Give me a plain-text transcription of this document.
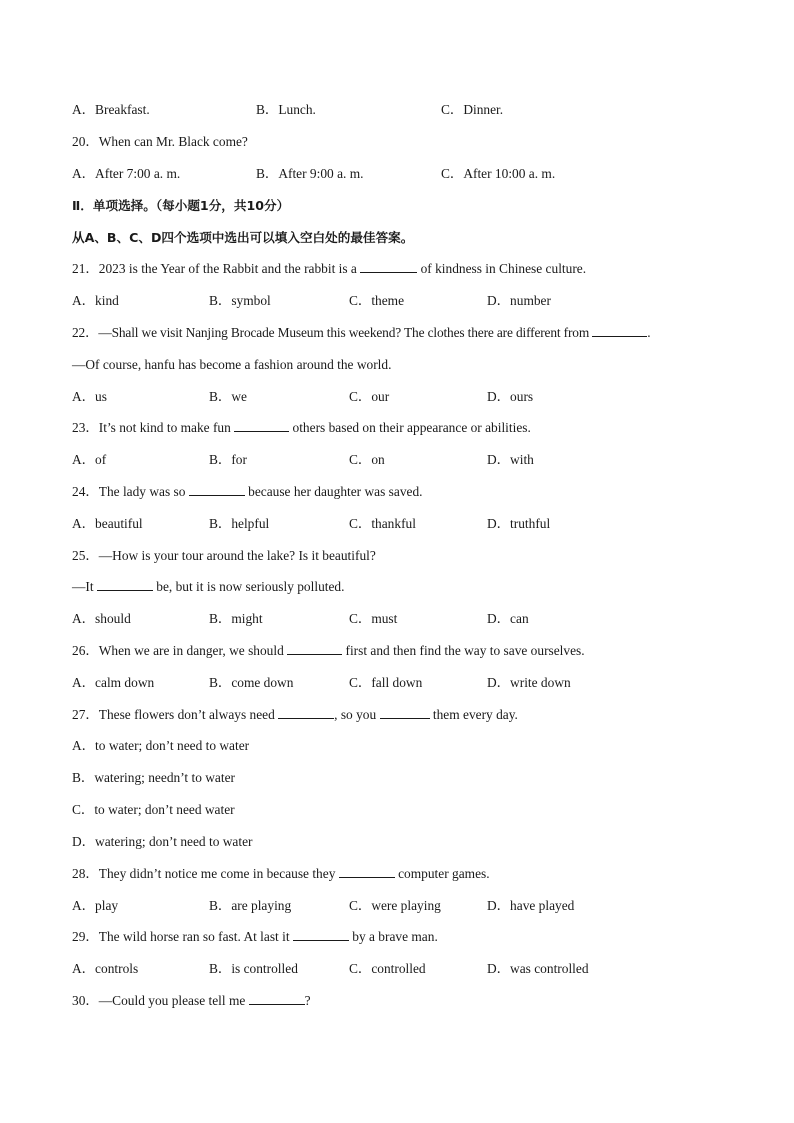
A．Breakfast.	B．Lunch.	C．Dinner.
20．When can Mr. Black come?
A．After 7:00 a. m.	B．After 9:00 a. m.	C．After 10:00 a. m.
Ⅱ．单项选择。（每小题1分，共10分）
从A、B、C、D四个选项中选出可以填入空白处的最佳答案。
21．2023 is the Year of the Rabbit and the rabbit is a	of kindness in Chinese culture.
A．kind	B．symbol	C．theme	D．number
22．—Shall we visit Nanjing Brocade Museum this weekend? The clothes there are different from	.
—Of course, hanfu has become a fashion around the world.
A．us	B．we	C．our	D．ours
23．It’s not kind to make fun	others based on their appearance or abilities.
A．of	B．for	C．on	D．with
24．The lady was so	because her daughter was saved.
A．beautiful	B．helpful	C．thankful	D．truthful
25．—How is your tour around the lake? Is it beautiful?
—It	be, but it is now seriously polluted.
A．should	B．might	C．must	D．can
26．When we are in danger, we should	first and then find the way to save ourselves.
A．calm down	B．come down	C．fall down	D．write down
27．These flowers don’t always need	, so you	them every day.
A．to water; don’t need to water
B．watering; needn’t to water
C．to water; don’t need water
D．watering; don’t need to water
28．They didn’t notice me come in because they	computer games.
A．play	B．are playing	C．were playing	D．have played
29．The wild horse ran so fast. At last it	by a brave man.
A．controls	B．is controlled	C．controlled	D．was controlled
30．—Could you please tell me	?
